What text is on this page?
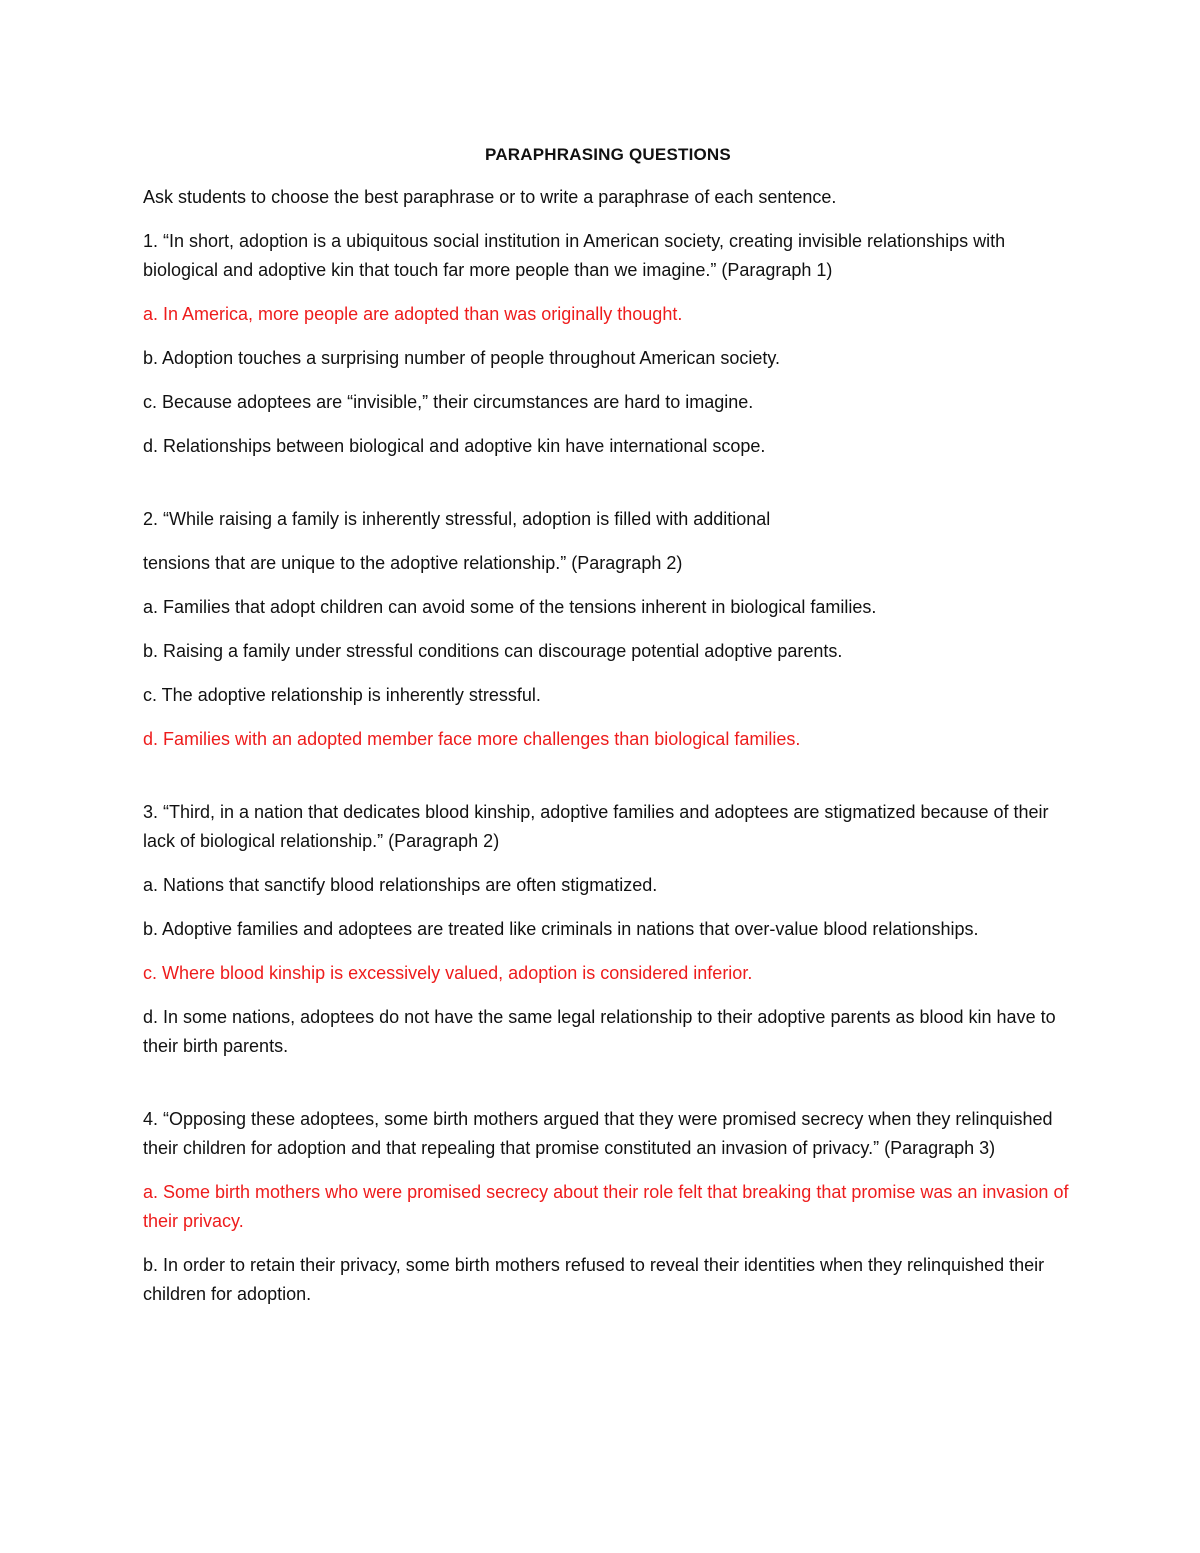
PARAPHRASING QUESTIONS

Ask students to choose the best paraphrase or to write a paraphrase of each sentence.

1. “In short, adoption is a ubiquitous social institution in American society, creating invisible relationships with biological and adoptive kin that touch far more people than we imagine.” (Paragraph 1)

a. In America, more people are adopted than was originally thought.

b. Adoption touches a surprising number of people throughout American society.

c. Because adoptees are “invisible,” their circumstances are hard to imagine.

d. Relationships between biological and adoptive kin have international scope.

2. “While raising a family is inherently stressful, adoption is filled with additional

tensions that are unique to the adoptive relationship.” (Paragraph 2)

a. Families that adopt children can avoid some of the tensions inherent in biological families.

b. Raising a family under stressful conditions can discourage potential adoptive parents.

c. The adoptive relationship is inherently stressful.

d. Families with an adopted member face more challenges than biological families.

3. “Third, in a nation that dedicates blood kinship, adoptive families and adoptees are stigmatized because of their lack of biological relationship.” (Paragraph 2)

a. Nations that sanctify blood relationships are often stigmatized.

b. Adoptive families and adoptees are treated like criminals in nations that over-value blood relationships.

c. Where blood kinship is excessively valued, adoption is considered inferior.

d. In some nations, adoptees do not have the same legal relationship to their adoptive parents as blood kin have to their birth parents.

4. “Opposing these adoptees, some birth mothers argued that they were promised secrecy when they relinquished their children for adoption and that repealing that promise constituted an invasion of privacy.” (Paragraph 3)

a. Some birth mothers who were promised secrecy about their role felt that breaking that promise was an invasion of their privacy.

b. In order to retain their privacy, some birth mothers refused to reveal their identities when they relinquished their children for adoption.
